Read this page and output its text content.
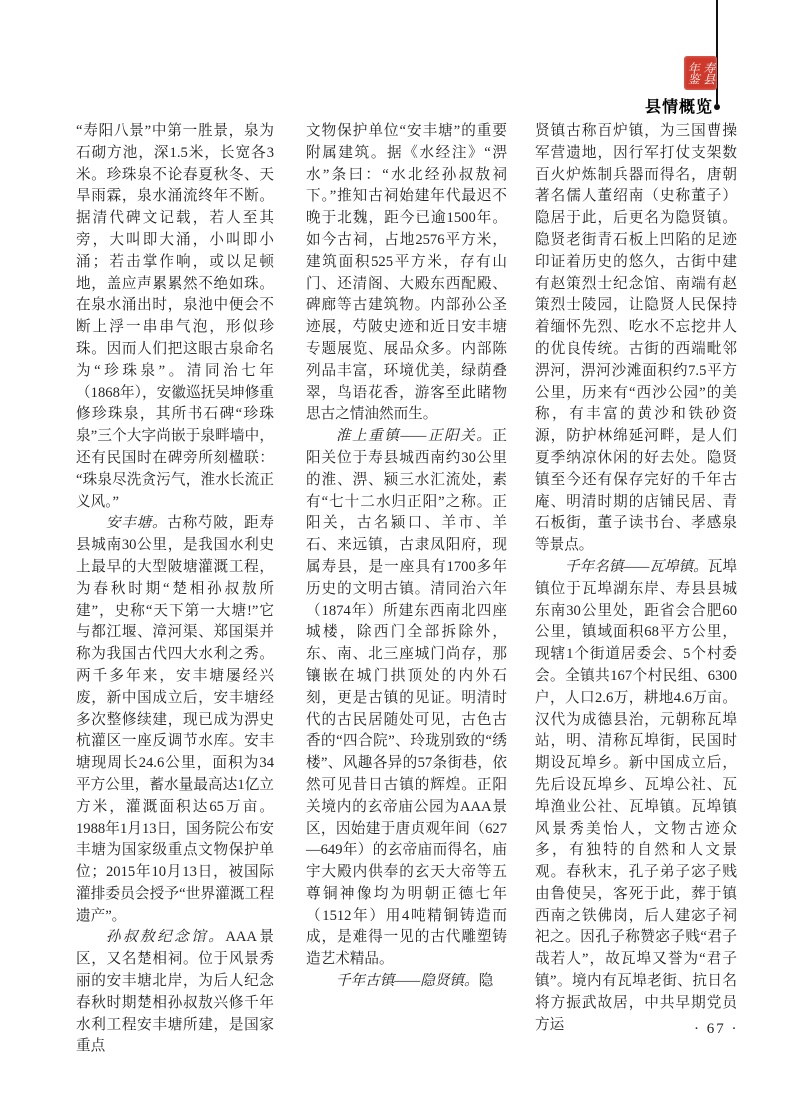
寿县
年鉴
县情概览

“寿阳八景”中第一胜景，泉为石砌方池，深1.5米，长宽各3米。珍珠泉不论春夏秋冬、天旱雨霖，泉水涌流终年不断。据清代碑文记载，若人至其旁，大叫即大涌，小叫即小涌；若击掌作响，或以足顿地，盖应声累累然不绝如珠。在泉水涌出时，泉池中便会不断上浮一串串气泡，形似珍珠。因而人们把这眼古泉命名为“珍珠泉”。清同治七年（1868年），安徽巡抚吴坤修重修珍珠泉，其所书石碑“珍珠泉”三个大字尚嵌于泉畔墙中，还有民国时在碑旁所刻楹联：“珠泉尽洗贪污气，淮水长流正义风。”

安丰塘。古称芍陂，距寿县城南30公里，是我国水利史上最早的大型陂塘灌溉工程，为春秋时期“楚相孙叔敖所建”，史称“天下第一大塘!”它与都江堰、漳河渠、郑国渠并称为我国古代四大水利之秀。两千多年来，安丰塘屡经兴废，新中国成立后，安丰塘经多次整修续建，现已成为淠史杭灌区一座反调节水库。安丰塘现周长24.6公里，面积为34平方公里，蓄水量最高达1亿立方米，灌溉面积达65万亩。1988年1月13日，国务院公布安丰塘为国家级重点文物保护单位；2015年10月13日，被国际灌排委员会授予“世界灌溉工程遗产”。

孙叔敖纪念馆。AAA景区，又名楚相祠。位于风景秀丽的安丰塘北岸，为后人纪念春秋时期楚相孙叔敖兴修千年水利工程安丰塘所建，是国家重点

文物保护单位“安丰塘”的重要附属建筑。据《水经注》“淠水”条曰：“水北经孙叔敖祠下。”推知古祠始建年代最迟不晚于北魏，距今已逾1500年。如今古祠，占地2576平方米，建筑面积525平方米，存有山门、还清阁、大殿东西配殿、碑廊等古建筑物。内部孙公圣迹展，芍陂史迹和近日安丰塘专题展览、展品众多。内部陈列品丰富，环境优美，绿荫叠翠，鸟语花香，游客至此睹物思古之情油然而生。

淮上重镇——正阳关。正阳关位于寿县城西南约30公里的淮、淠、颍三水汇流处，素有“七十二水归正阳”之称。正阳关，古名颍口、羊市、羊石、来远镇，古隶凤阳府，现属寿县，是一座具有1700多年历史的文明古镇。清同治六年（1874年）所建东西南北四座城楼，除西门全部拆除外，东、南、北三座城门尚存，那镶嵌在城门拱顶处的内外石刻，更是古镇的见证。明清时代的古民居随处可见，古色古香的“四合院”、玲珑别致的“绣楼”、风趣各异的57条街巷，依然可见昔日古镇的辉煌。正阳关境内的玄帝庙公园为AAA景区，因始建于唐贞观年间（627—649年）的玄帝庙而得名，庙宇大殿内供奉的玄天大帝等五尊铜神像均为明朝正德七年（1512年）用4吨精铜铸造而成，是难得一见的古代雕塑铸造艺术精品。

千年古镇——隐贤镇。隐

贤镇古称百炉镇，为三国曹操军营遗地，因行军打仗支架数百火炉炼制兵器而得名，唐朝著名儒人董绍南（史称董子）隐居于此，后更名为隐贤镇。隐贤老街青石板上凹陷的足迹印证着历史的悠久，古街中建有赵策烈士纪念馆、南端有赵策烈士陵园，让隐贤人民保持着缅怀先烈、吃水不忘挖井人的优良传统。古街的西端毗邻淠河，淠河沙滩面积约7.5平方公里，历来有“西沙公园”的美称，有丰富的黄沙和铁砂资源，防护林绵延河畔，是人们夏季纳凉休闲的好去处。隐贤镇至今还有保存完好的千年古庵、明清时期的店铺民居、青石板街，董子读书台、孝感泉等景点。

千年名镇——瓦埠镇。瓦埠镇位于瓦埠湖东岸、寿县县城东南30公里处，距省会合肥60公里，镇域面积68平方公里，现辖1个街道居委会、5个村委会。全镇共167个村民组、6300户，人口2.6万，耕地4.6万亩。汉代为成德县治，元朝称瓦埠站，明、清称瓦埠街，民国时期设瓦埠乡。新中国成立后，先后设瓦埠乡、瓦埠公社、瓦埠渔业公社、瓦埠镇。瓦埠镇风景秀美怡人，文物古迹众多，有独特的自然和人文景观。春秋末，孔子弟子宓子贱由鲁使吴，客死于此，葬于镇西南之铁佛岗，后人建宓子祠祀之。因孔子称赞宓子贱“君子哉若人”，故瓦埠又誉为“君子镇”。境内有瓦埠老街、抗日名将方振武故居，中共早期党员方运	· 67 ·
